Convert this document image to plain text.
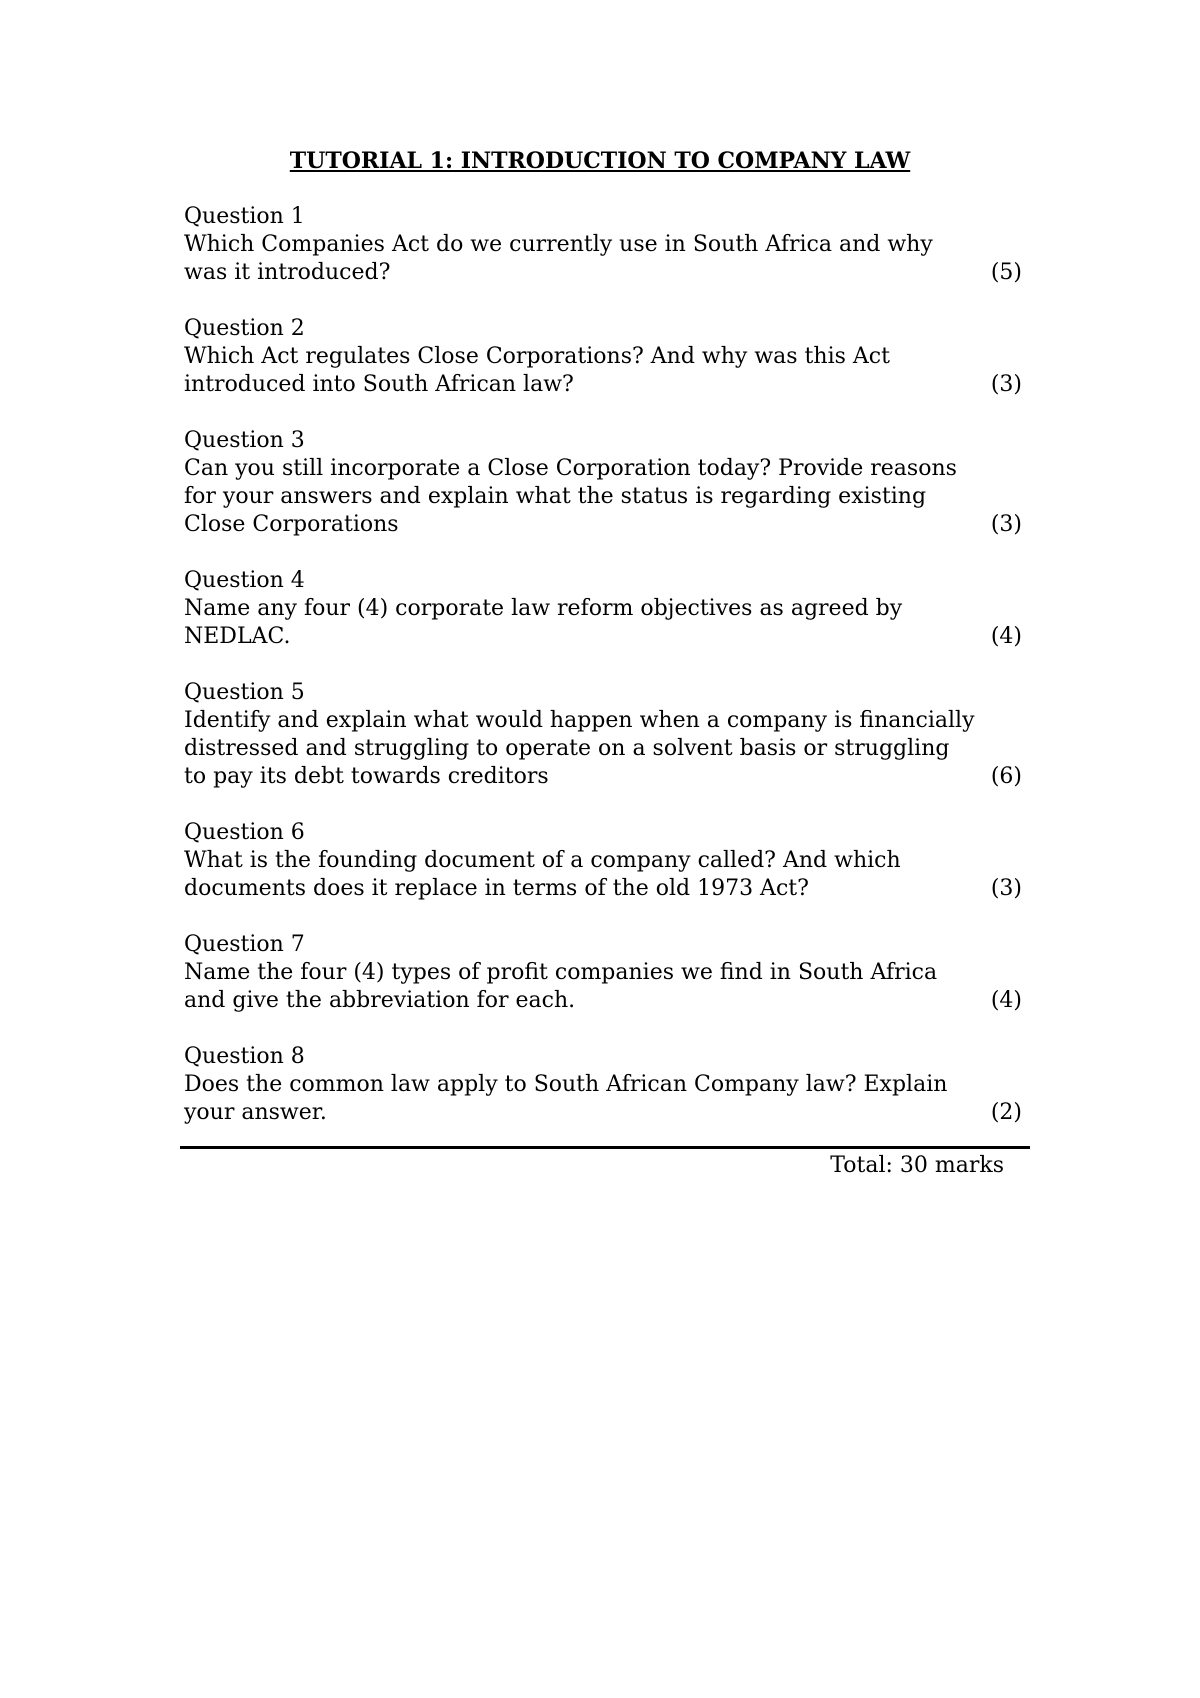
TUTORIAL 1: INTRODUCTION TO COMPANY LAW
Question 1
Which Companies Act do we currently use in South Africa and why was it introduced?	(5)
Question 2
Which Act regulates Close Corporations? And why was this Act introduced into South African law?	(3)
Question 3
Can you still incorporate a Close Corporation today? Provide reasons for your answers and explain what the status is regarding existing Close Corporations	(3)
Question 4
Name any four (4) corporate law reform objectives as agreed by NEDLAC.	(4)
Question 5
Identify and explain what would happen when a company is financially distressed and struggling to operate on a solvent basis or struggling to pay its debt towards creditors	(6)
Question 6
What is the founding document of a company called? And which documents does it replace in terms of the old 1973 Act?	(3)
Question 7
Name the four (4) types of profit companies we find in South Africa and give the abbreviation for each.	(4)
Question 8
Does the common law apply to South African Company law? Explain your answer.	(2)
Total: 30 marks
